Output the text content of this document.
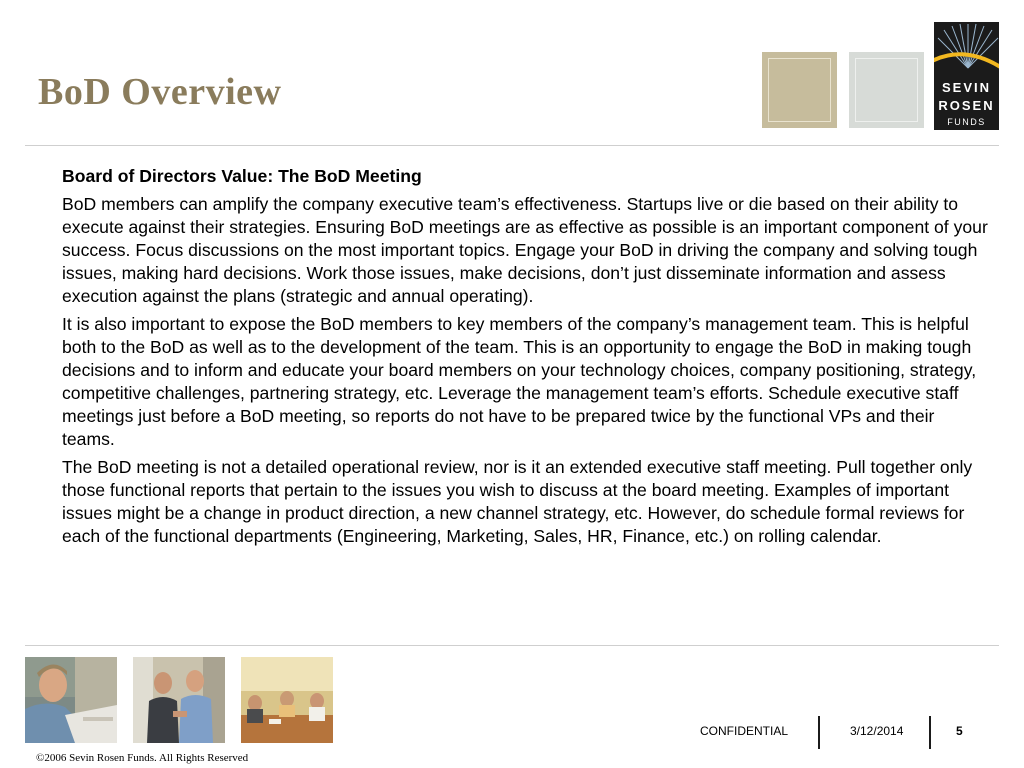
BoD Overview	SEVIN
ROSEN
FUNDS
Board of Directors Value: The BoD Meeting

BoD members can amplify the company executive team’s effectiveness. Startups live or die based on their ability to execute against their strategies. Ensuring BoD meetings are as effective as possible is an important component of your success. Focus discussions on the most important topics. Engage your BoD in driving the company and solving tough issues, making hard decisions. Work those issues, make decisions, don’t just disseminate information and assess execution against the plans (strategic and annual operating).

It is also important to expose the BoD members to key members of the company’s management team. This is helpful both to the BoD as well as to the development of the team. This is an opportunity to engage the BoD in making tough decisions and to inform and educate your board members on your technology choices, company positioning, strategy, competitive challenges, partnering strategy, etc. Leverage the management team’s efforts. Schedule executive staff meetings just before a BoD meeting, so reports do not have to be prepared twice by the functional VPs and their teams.

The BoD meeting is not a detailed operational review, nor is it an extended executive staff meeting. Pull together only those functional reports that pertain to the issues you wish to discuss at the board meeting. Examples of important issues might be a change in product direction, a new channel strategy, etc. However, do schedule formal reviews for each of the functional departments (Engineering, Marketing, Sales, HR, Finance, etc.) on rolling calendar.

CONFIDENTIAL	3/12/2014	5
©2006 Sevin Rosen Funds. All Rights Reserved
